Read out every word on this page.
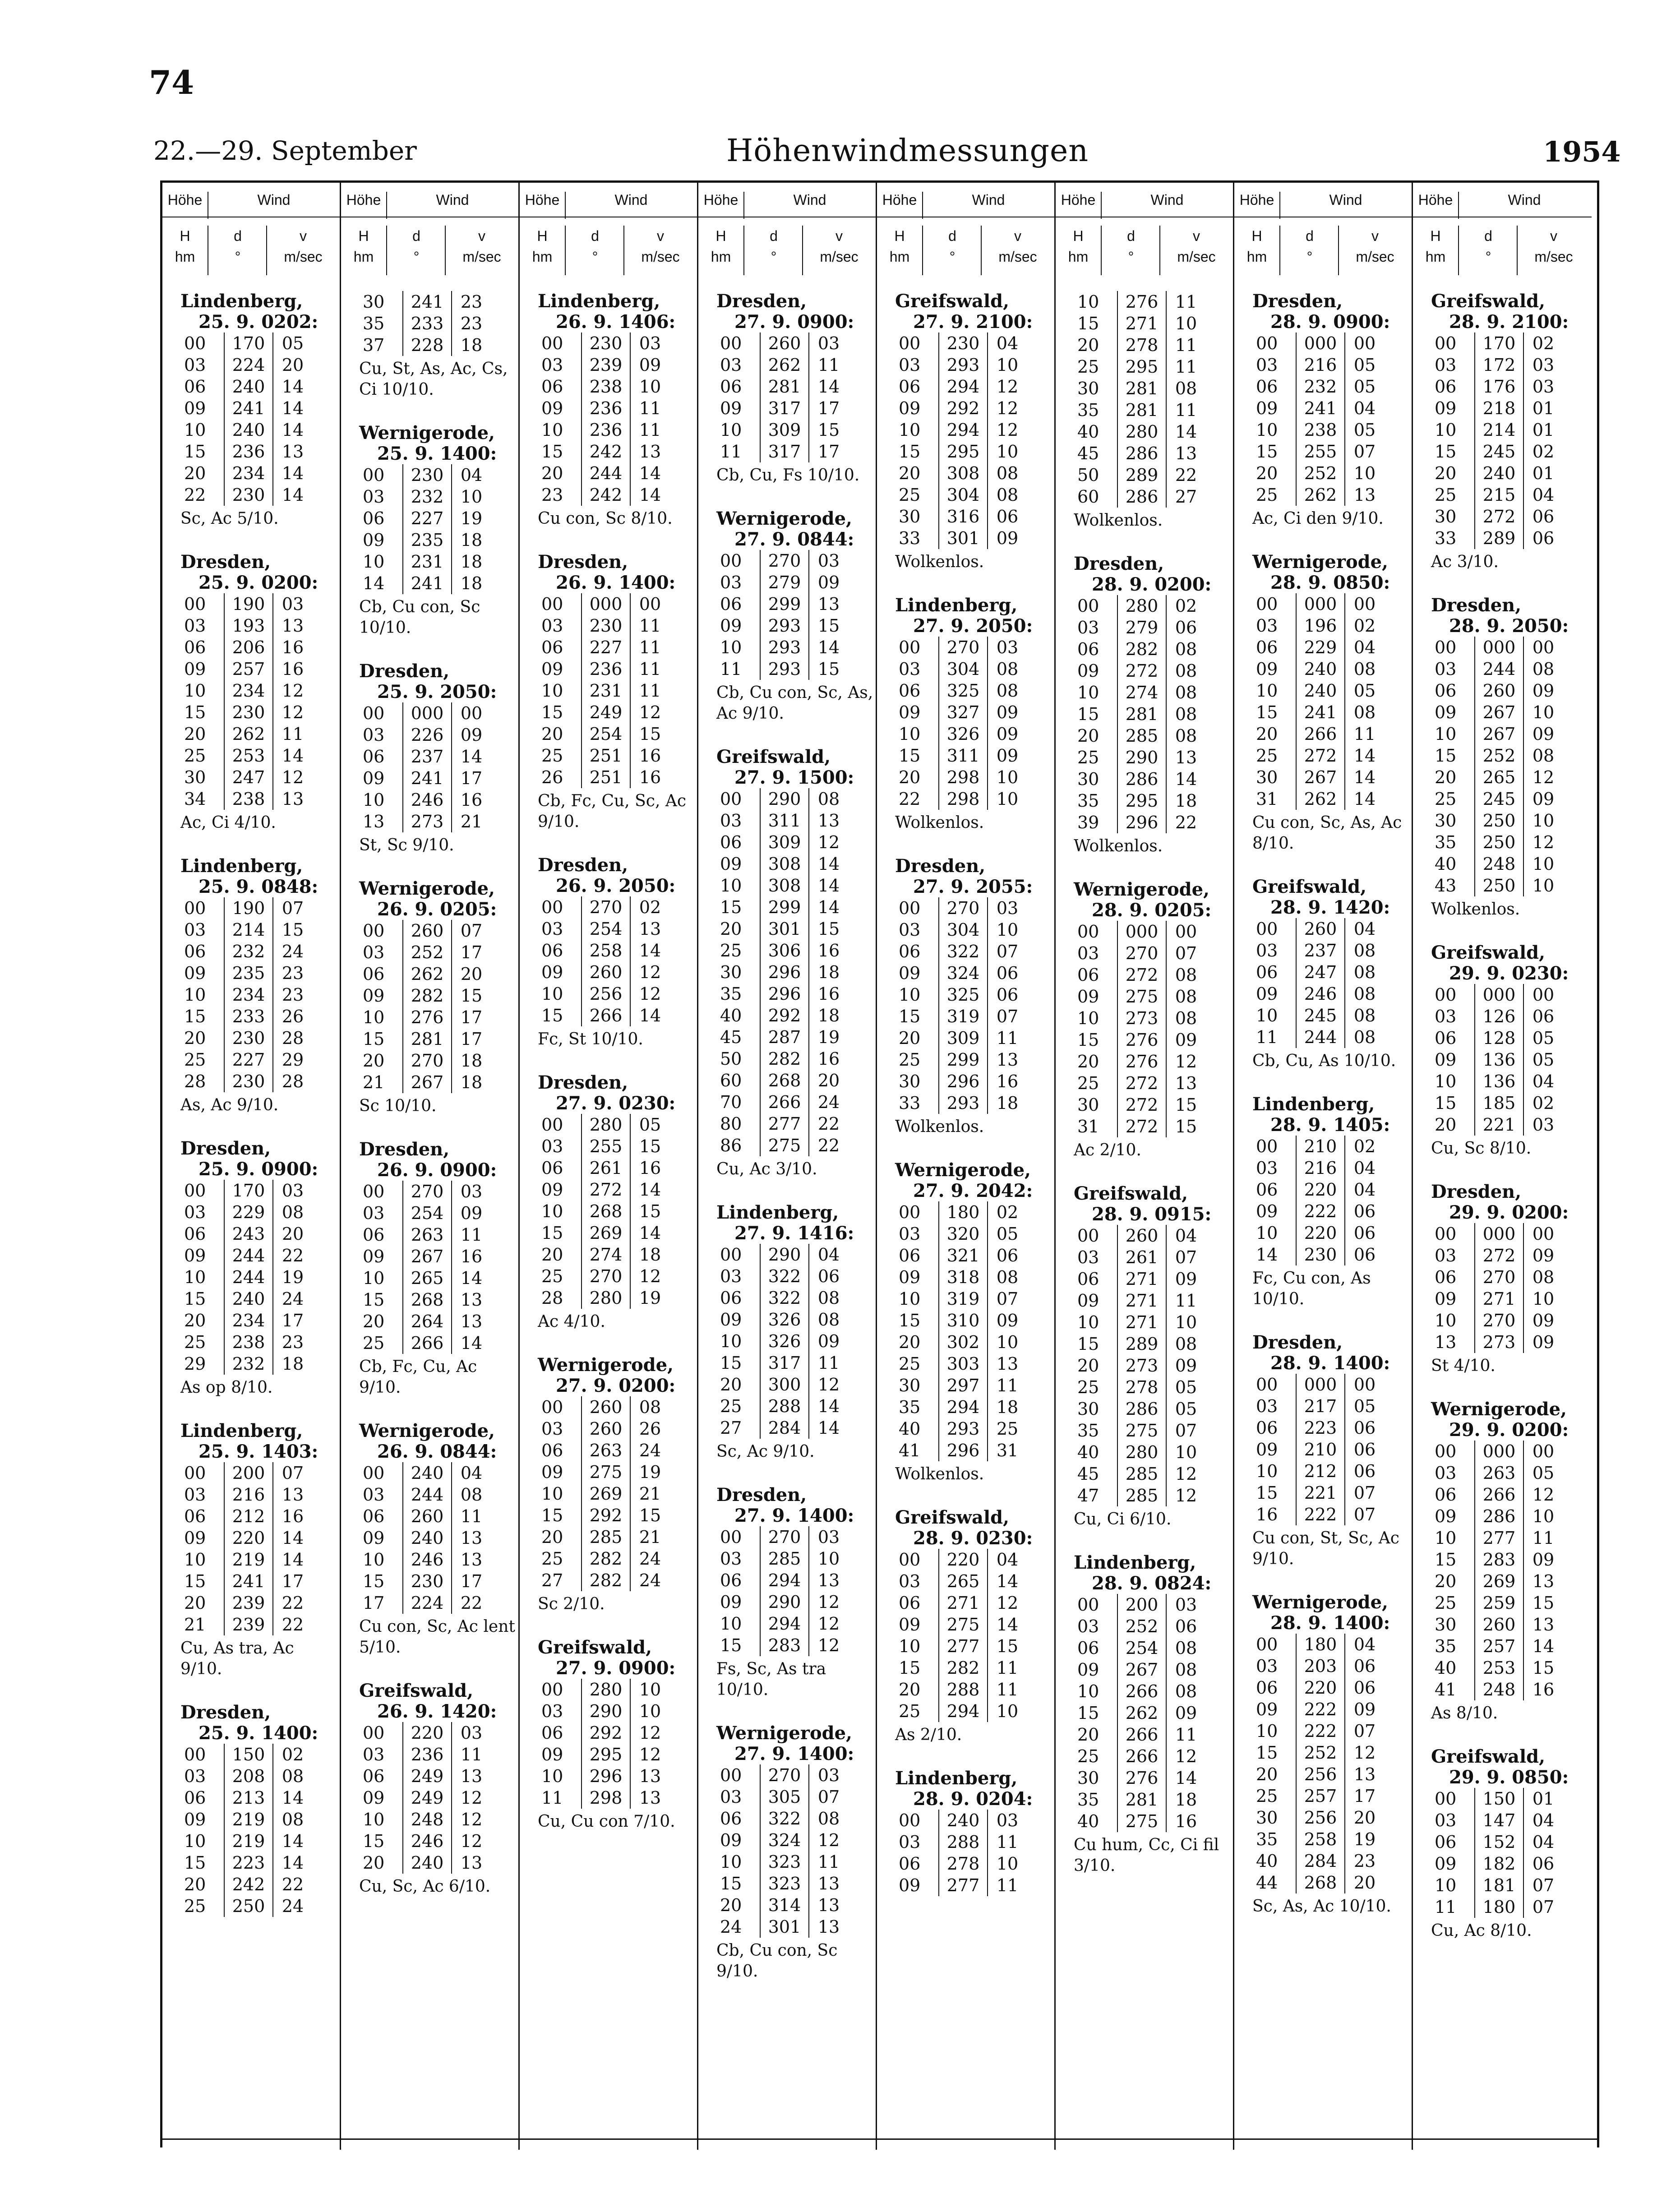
74
22.—29. September	Höhenwindmessungen	1954
Höhe	Wind
H
hm
d
°
v
m/sec
Lindenberg,
25. 9. 0202:
00	170	05
03	224	20
06	240	14
09	241	14
10	240	14
15	236	13
20	234	14
22	230	14
Sc, Ac 5/10.
Dresden,
25. 9. 0200:
00	190	03
03	193	13
06	206	16
09	257	16
10	234	12
15	230	12
20	262	11
25	253	14
30	247	12
34	238	13
Ac, Ci 4/10.
Lindenberg,
25. 9. 0848:
00	190	07
03	214	15
06	232	24
09	235	23
10	234	23
15	233	26
20	230	28
25	227	29
28	230	28
As, Ac 9/10.
Dresden,
25. 9. 0900:
00	170	03
03	229	08
06	243	20
09	244	22
10	244	19
15	240	24
20	234	17
25	238	23
29	232	18
As op 8/10.
Lindenberg,
25. 9. 1403:
00	200	07
03	216	13
06	212	16
09	220	14
10	219	14
15	241	17
20	239	22
21	239	22
Cu, As tra, Ac 9/10.
Dresden,
25. 9. 1400:
00	150	02
03	208	08
06	213	14
09	219	08
10	219	14
15	223	14
20	242	22
25	250	24
Höhe	Wind
H
hm
d
°
v
m/sec
30	241	23
35	233	23
37	228	18
Cu, St, As, Ac, Cs, Ci 10/10.
Wernigerode,
25. 9. 1400:
00	230	04
03	232	10
06	227	19
09	235	18
10	231	18
14	241	18
Cb, Cu con, Sc 10/10.
Dresden,
25. 9. 2050:
00	000	00
03	226	09
06	237	14
09	241	17
10	246	16
13	273	21
St, Sc 9/10.
Wernigerode,
26. 9. 0205:
00	260	07
03	252	17
06	262	20
09	282	15
10	276	17
15	281	17
20	270	18
21	267	18
Sc 10/10.
Dresden,
26. 9. 0900:
00	270	03
03	254	09
06	263	11
09	267	16
10	265	14
15	268	13
20	264	13
25	266	14
Cb, Fc, Cu, Ac 9/10.
Wernigerode,
26. 9. 0844:
00	240	04
03	244	08
06	260	11
09	240	13
10	246	13
15	230	17
17	224	22
Cu con, Sc, Ac lent 5/10.
Greifswald,
26. 9. 1420:
00	220	03
03	236	11
06	249	13
09	249	12
10	248	12
15	246	12
20	240	13
Cu, Sc, Ac 6/10.
Höhe	Wind
H
hm
d
°
v
m/sec
Lindenberg,
26. 9. 1406:
00	230	03
03	239	09
06	238	10
09	236	11
10	236	11
15	242	13
20	244	14
23	242	14
Cu con, Sc 8/10.
Dresden,
26. 9. 1400:
00	000	00
03	230	11
06	227	11
09	236	11
10	231	11
15	249	12
20	254	15
25	251	16
26	251	16
Cb, Fc, Cu, Sc, Ac 9/10.
Dresden,
26. 9. 2050:
00	270	02
03	254	13
06	258	14
09	260	12
10	256	12
15	266	14
Fc, St 10/10.
Dresden,
27. 9. 0230:
00	280	05
03	255	15
06	261	16
09	272	14
10	268	15
15	269	14
20	274	18
25	270	12
28	280	19
Ac 4/10.
Wernigerode,
27. 9. 0200:
00	260	08
03	260	26
06	263	24
09	275	19
10	269	21
15	292	15
20	285	21
25	282	24
27	282	24
Sc 2/10.
Greifswald,
27. 9. 0900:
00	280	10
03	290	10
06	292	12
09	295	12
10	296	13
11	298	13
Cu, Cu con 7/10.
Höhe	Wind
H
hm
d
°
v
m/sec
Dresden,
27. 9. 0900:
00	260	03
03	262	11
06	281	14
09	317	17
10	309	15
11	317	17
Cb, Cu, Fs 10/10.
Wernigerode,
27. 9. 0844:
00	270	03
03	279	09
06	299	13
09	293	15
10	293	14
11	293	15
Cb, Cu con, Sc, As, Ac 9/10.
Greifswald,
27. 9. 1500:
00	290	08
03	311	13
06	309	12
09	308	14
10	308	14
15	299	14
20	301	15
25	306	16
30	296	18
35	296	16
40	292	18
45	287	19
50	282	16
60	268	20
70	266	24
80	277	22
86	275	22
Cu, Ac 3/10.
Lindenberg,
27. 9. 1416:
00	290	04
03	322	06
06	322	08
09	326	08
10	326	09
15	317	11
20	300	12
25	288	14
27	284	14
Sc, Ac 9/10.
Dresden,
27. 9. 1400:
00	270	03
03	285	10
06	294	13
09	290	12
10	294	12
15	283	12
Fs, Sc, As tra 10/10.
Wernigerode,
27. 9. 1400:
00	270	03
03	305	07
06	322	08
09	324	12
10	323	11
15	323	13
20	314	13
24	301	13
Cb, Cu con, Sc 9/10.
Höhe	Wind
H
hm
d
°
v
m/sec
Greifswald,
27. 9. 2100:
00	230	04
03	293	10
06	294	12
09	292	12
10	294	12
15	295	10
20	308	08
25	304	08
30	316	06
33	301	09
Wolkenlos.
Lindenberg,
27. 9. 2050:
00	270	03
03	304	08
06	325	08
09	327	09
10	326	09
15	311	09
20	298	10
22	298	10
Wolkenlos.
Dresden,
27. 9. 2055:
00	270	03
03	304	10
06	322	07
09	324	06
10	325	06
15	319	07
20	309	11
25	299	13
30	296	16
33	293	18
Wolkenlos.
Wernigerode,
27. 9. 2042:
00	180	02
03	320	05
06	321	06
09	318	08
10	319	07
15	310	09
20	302	10
25	303	13
30	297	11
35	294	18
40	293	25
41	296	31
Wolkenlos.
Greifswald,
28. 9. 0230:
00	220	04
03	265	14
06	271	12
09	275	14
10	277	15
15	282	11
20	288	11
25	294	10
As 2/10.
Lindenberg,
28. 9. 0204:
00	240	03
03	288	11
06	278	10
09	277	11
Höhe	Wind
H
hm
d
°
v
m/sec
10	276	11
15	271	10
20	278	11
25	295	11
30	281	08
35	281	11
40	280	14
45	286	13
50	289	22
60	286	27
Wolkenlos.
Dresden,
28. 9. 0200:
00	280	02
03	279	06
06	282	08
09	272	08
10	274	08
15	281	08
20	285	08
25	290	13
30	286	14
35	295	18
39	296	22
Wolkenlos.
Wernigerode,
28. 9. 0205:
00	000	00
03	270	07
06	272	08
09	275	08
10	273	08
15	276	09
20	276	12
25	272	13
30	272	15
31	272	15
Ac 2/10.
Greifswald,
28. 9. 0915:
00	260	04
03	261	07
06	271	09
09	271	11
10	271	10
15	289	08
20	273	09
25	278	05
30	286	05
35	275	07
40	280	10
45	285	12
47	285	12
Cu, Ci 6/10.
Lindenberg,
28. 9. 0824:
00	200	03
03	252	06
06	254	08
09	267	08
10	266	08
15	262	09
20	266	11
25	266	12
30	276	14
35	281	18
40	275	16
Cu hum, Cc, Ci fil 3/10.
Höhe	Wind
H
hm
d
°
v
m/sec
Dresden,
28. 9. 0900:
00	000	00
03	216	05
06	232	05
09	241	04
10	238	05
15	255	07
20	252	10
25	262	13
Ac, Ci den 9/10.
Wernigerode,
28. 9. 0850:
00	000	00
03	196	02
06	229	04
09	240	08
10	240	05
15	241	08
20	266	11
25	272	14
30	267	14
31	262	14
Cu con, Sc, As, Ac 8/10.
Greifswald,
28. 9. 1420:
00	260	04
03	237	08
06	247	08
09	246	08
10	245	08
11	244	08
Cb, Cu, As 10/10.
Lindenberg,
28. 9. 1405:
00	210	02
03	216	04
06	220	04
09	222	06
10	220	06
14	230	06
Fc, Cu con, As 10/10.
Dresden,
28. 9. 1400:
00	000	00
03	217	05
06	223	06
09	210	06
10	212	06
15	221	07
16	222	07
Cu con, St, Sc, Ac 9/10.
Wernigerode,
28. 9. 1400:
00	180	04
03	203	06
06	220	06
09	222	09
10	222	07
15	252	12
20	256	13
25	257	17
30	256	20
35	258	19
40	284	23
44	268	20
Sc, As, Ac 10/10.
Höhe	Wind
H
hm
d
°
v
m/sec
Greifswald,
28. 9. 2100:
00	170	02
03	172	03
06	176	03
09	218	01
10	214	01
15	245	02
20	240	01
25	215	04
30	272	06
33	289	06
Ac 3/10.
Dresden,
28. 9. 2050:
00	000	00
03	244	08
06	260	09
09	267	10
10	267	09
15	252	08
20	265	12
25	245	09
30	250	10
35	250	12
40	248	10
43	250	10
Wolkenlos.
Greifswald,
29. 9. 0230:
00	000	00
03	126	06
06	128	05
09	136	05
10	136	04
15	185	02
20	221	03
Cu, Sc 8/10.
Dresden,
29. 9. 0200:
00	000	00
03	272	09
06	270	08
09	271	10
10	270	09
13	273	09
St 4/10.
Wernigerode,
29. 9. 0200:
00	000	00
03	263	05
06	266	12
09	286	10
10	277	11
15	283	09
20	269	13
25	259	15
30	260	13
35	257	14
40	253	15
41	248	16
As 8/10.
Greifswald,
29. 9. 0850:
00	150	01
03	147	04
06	152	04
09	182	06
10	181	07
11	180	07
Cu, Ac 8/10.
